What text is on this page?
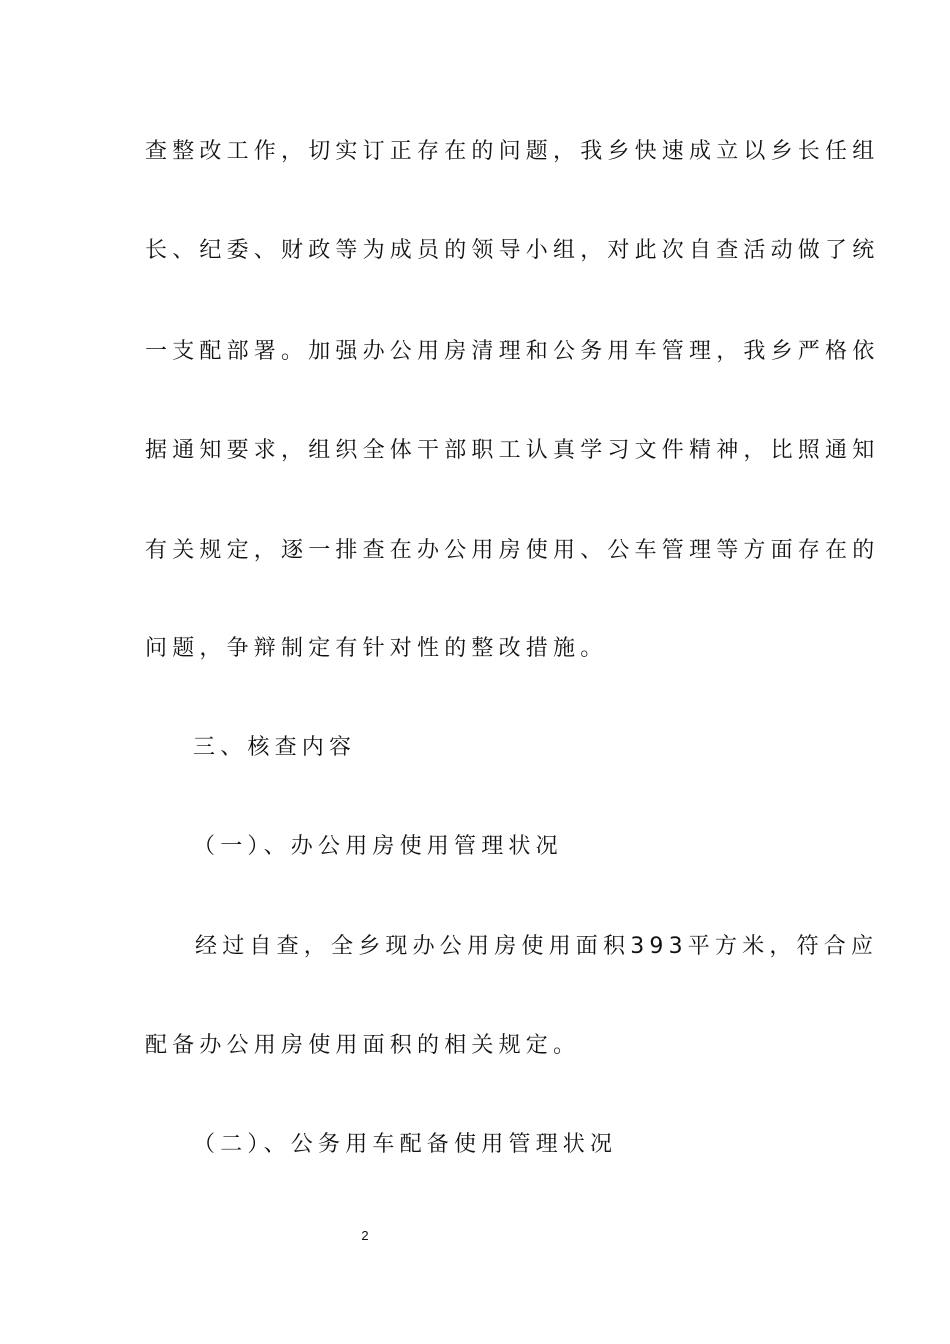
查整改工作，切实订正存在的问题，我乡快速成立以乡长任组
长、纪委、财政等为成员的领导小组，对此次自查活动做了统
一支配部署。加强办公用房清理和公务用车管理，我乡严格依
据通知要求，组织全体干部职工认真学习文件精神，比照通知
有关规定，逐一排查在办公用房使用、公车管理等方面存在的
问题，争辩制定有针对性的整改措施。
三、核查内容
（一）、办公用房使用管理状况
经过自查，全乡现办公用房使用面积393平方米，符合应
配备办公用房使用面积的相关规定。
（二）、公务用车配备使用管理状况
2
